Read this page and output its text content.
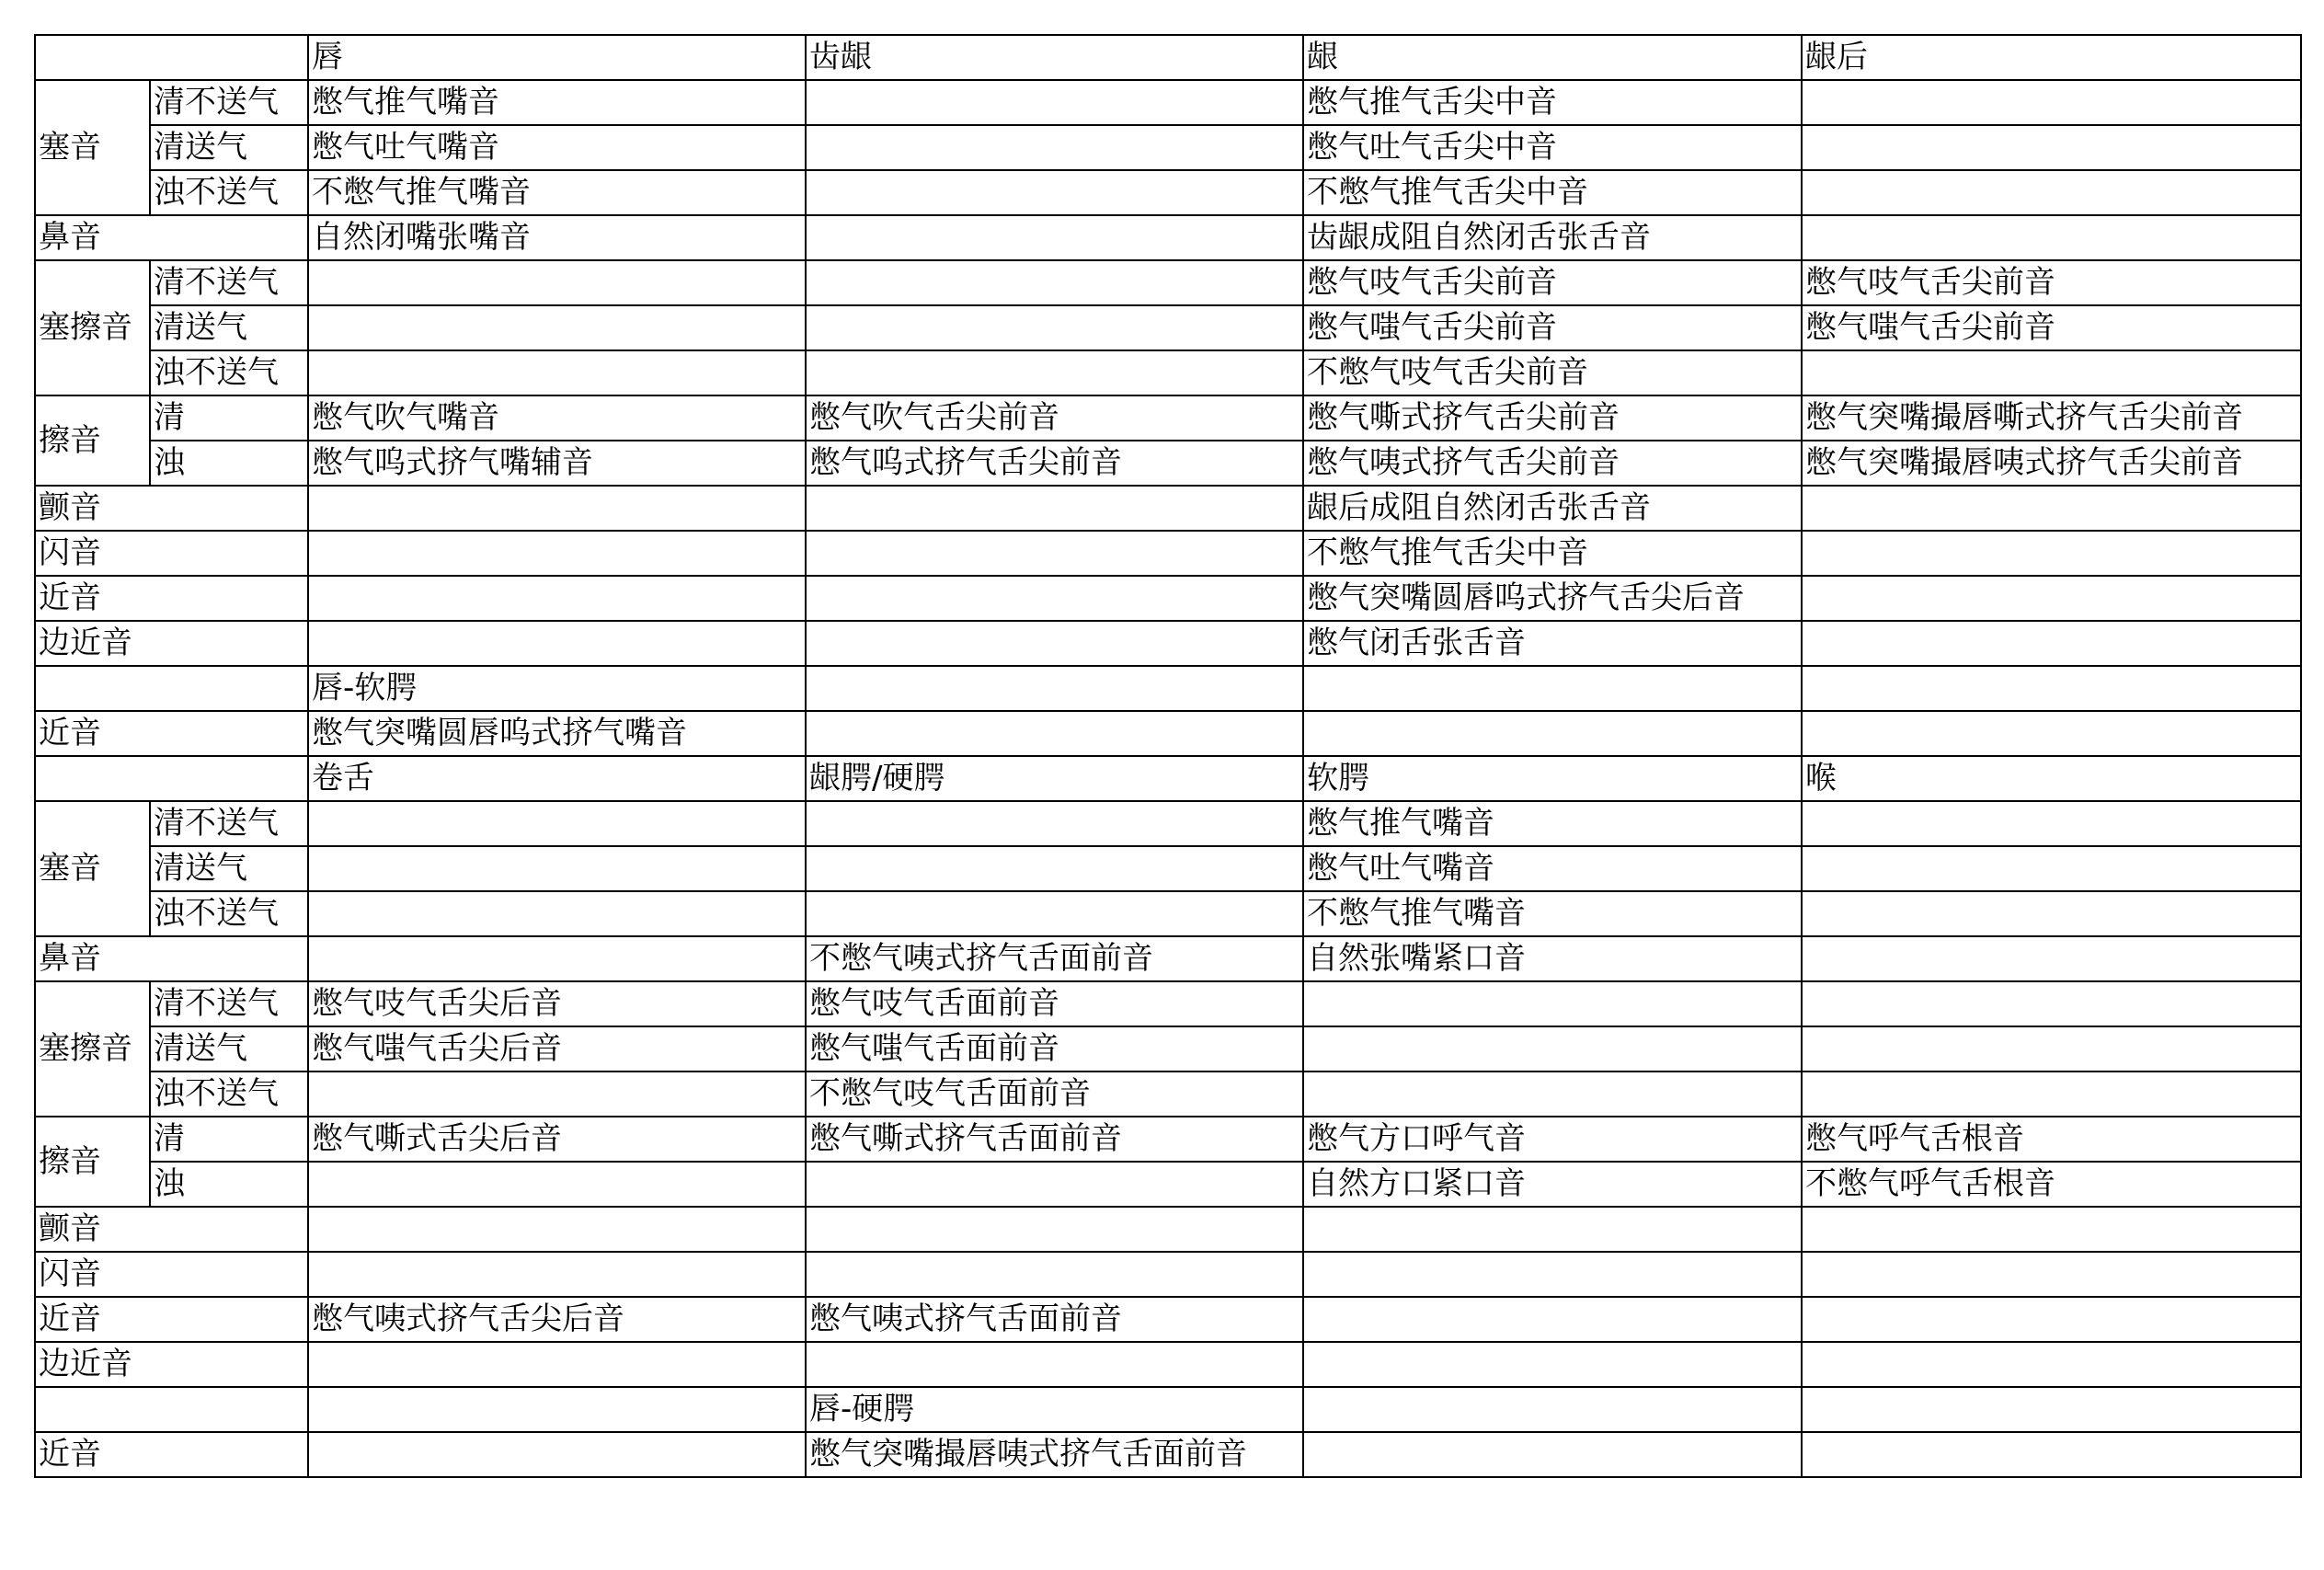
		唇	齿龈	龈	龈后
塞音	清不送气	憋气推气嘴音		憋气推气舌尖中音	
	清送气	憋气吐气嘴音		憋气吐气舌尖中音	
	浊不送气	不憋气推气嘴音		不憋气推气舌尖中音	
鼻音		自然闭嘴张嘴音		齿龈成阻自然闭舌张舌音	
塞擦音	清不送气			憋气吱气舌尖前音	憋气吱气舌尖前音
	清送气			憋气嗤气舌尖前音	憋气嗤气舌尖前音
	浊不送气			不憋气吱气舌尖前音	
擦音	清	憋气吹气嘴音	憋气吹气舌尖前音	憋气嘶式挤气舌尖前音	憋气突嘴撮唇嘶式挤气舌尖前音
	浊	憋气呜式挤气嘴辅音	憋气呜式挤气舌尖前音	憋气咦式挤气舌尖前音	憋气突嘴撮唇咦式挤气舌尖前音
颤音				龈后成阻自然闭舌张舌音	
闪音				不憋气推气舌尖中音	
近音				憋气突嘴圆唇呜式挤气舌尖后音	
边近音				憋气闭舌张舌音	
		唇-软腭			
近音		憋气突嘴圆唇呜式挤气嘴音			
		卷舌	龈腭/硬腭	软腭	喉
塞音	清不送气			憋气推气嘴音	
	清送气			憋气吐气嘴音	
	浊不送气			不憋气推气嘴音	
鼻音			不憋气咦式挤气舌面前音	自然张嘴紧口音	
塞擦音	清不送气	憋气吱气舌尖后音	憋气吱气舌面前音		
	清送气	憋气嗤气舌尖后音	憋气嗤气舌面前音		
	浊不送气		不憋气吱气舌面前音		
擦音	清	憋气嘶式舌尖后音	憋气嘶式挤气舌面前音	憋气方口呼气音	憋气呼气舌根音
	浊			自然方口紧口音	不憋气呼气舌根音
颤音					
闪音					
近音		憋气咦式挤气舌尖后音	憋气咦式挤气舌面前音		
边近音					
			唇-硬腭		
近音			憋气突嘴撮唇咦式挤气舌面前音		
